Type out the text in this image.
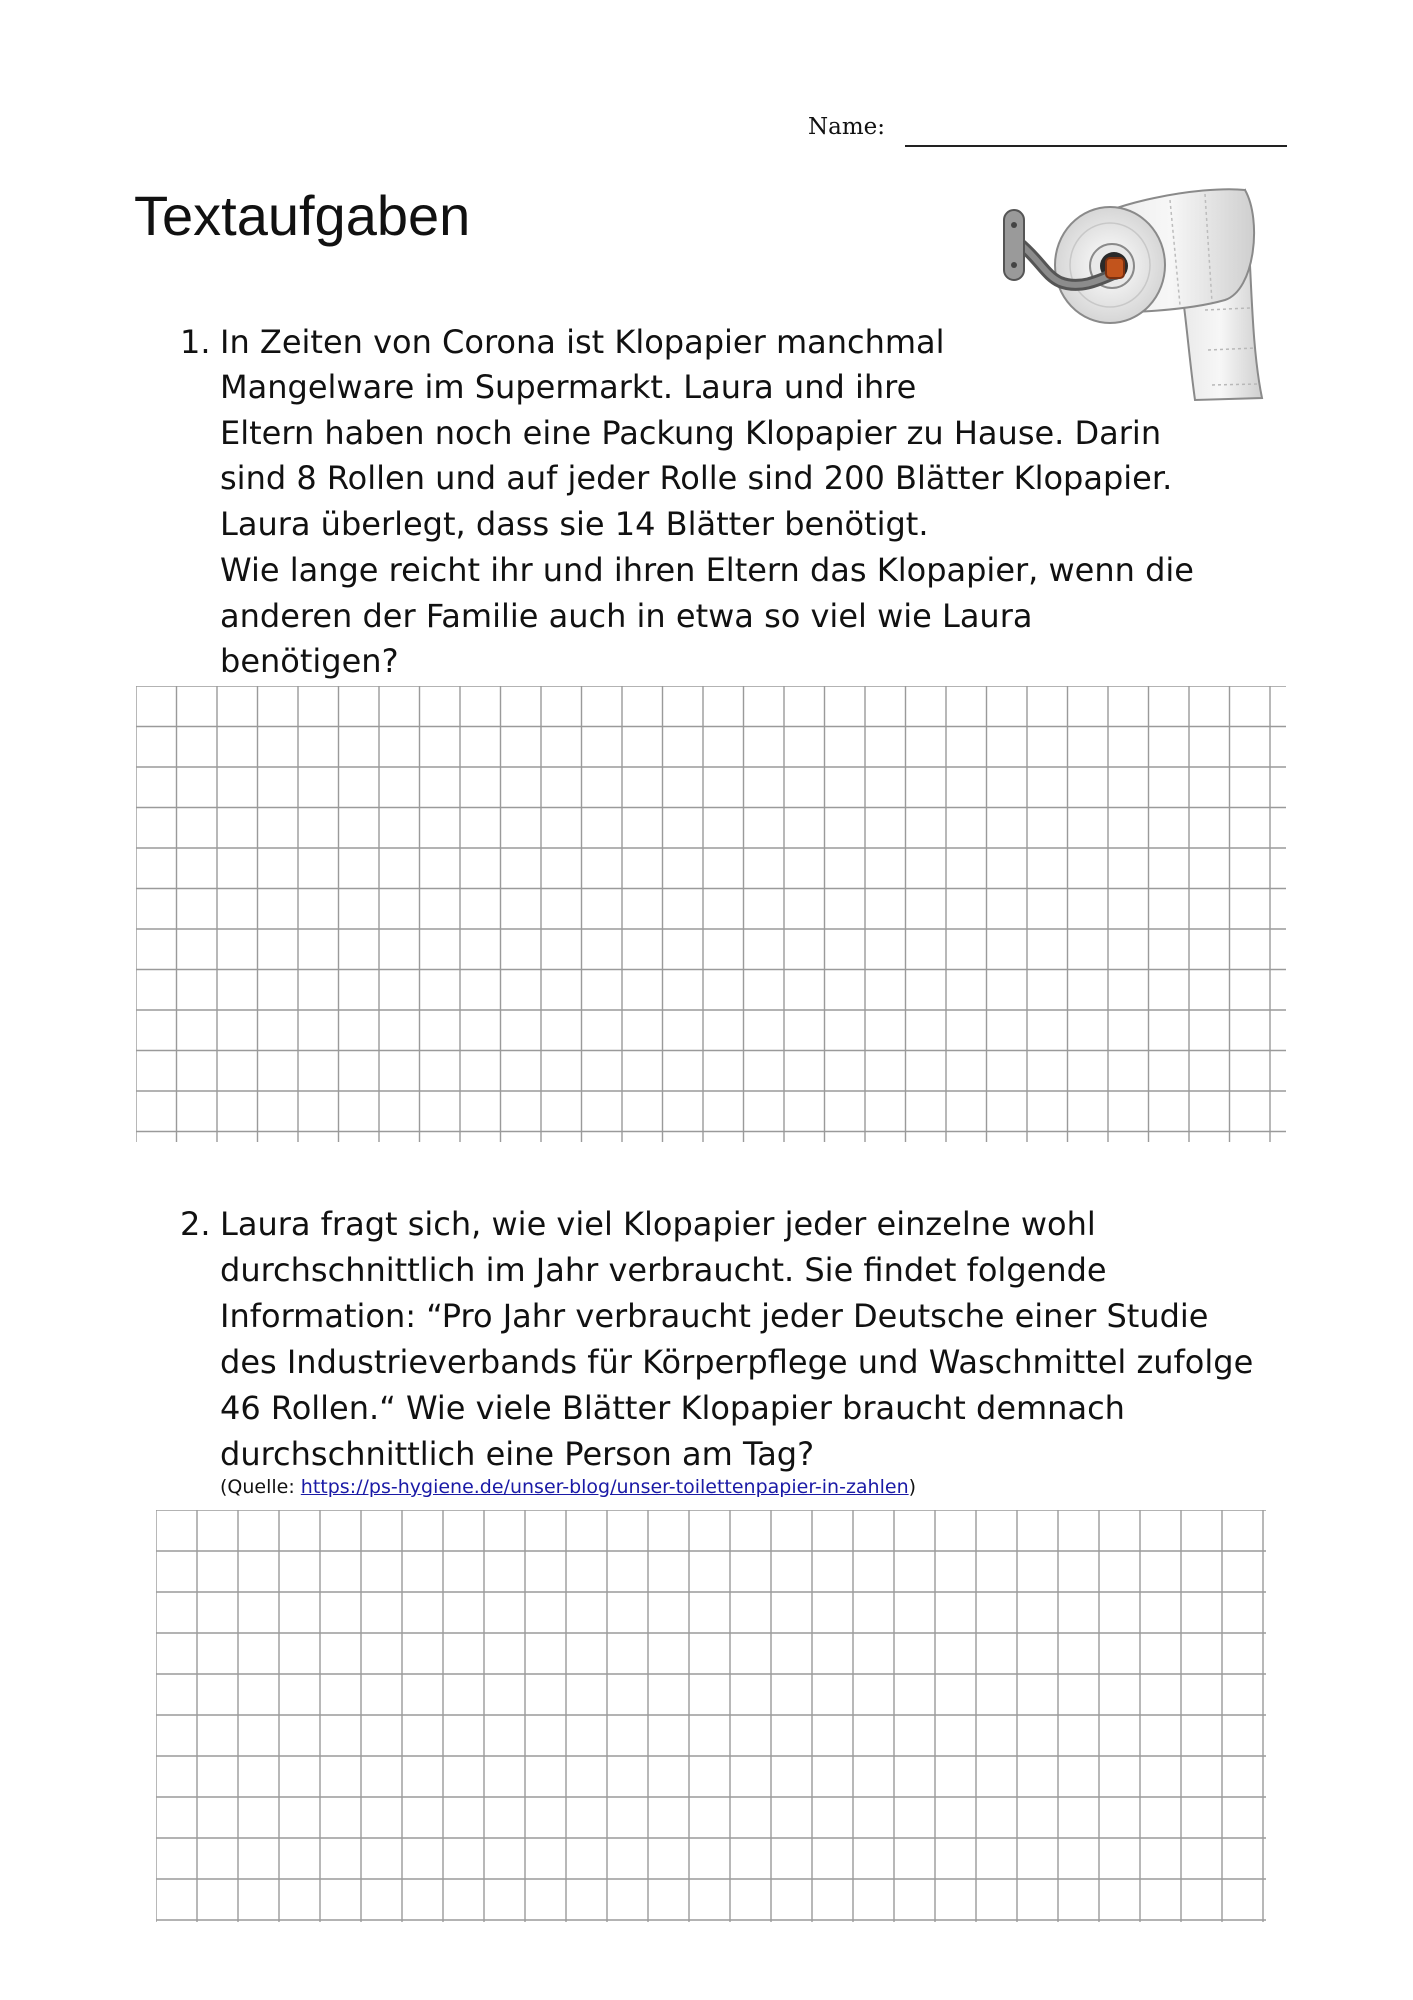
Name:
Textaufgaben
1. In Zeiten von Corona ist Klopapier manchmal
Mangelware im Supermarkt. Laura und ihre
Eltern haben noch eine Packung Klopapier zu Hause. Darin
sind 8 Rollen und auf jeder Rolle sind 200 Blätter Klopapier.
Laura überlegt, dass sie 14 Blätter benötigt.
Wie lange reicht ihr und ihren Eltern das Klopapier, wenn die
anderen der Familie auch in etwa so viel wie Laura
benötigen?
2. Laura fragt sich, wie viel Klopapier jeder einzelne wohl
durchschnittlich im Jahr verbraucht. Sie findet folgende
Information: “Pro Jahr verbraucht jeder Deutsche einer Studie
des Industrieverbands für Körperpflege und Waschmittel zufolge
46 Rollen.“ Wie viele Blätter Klopapier braucht demnach
durchschnittlich eine Person am Tag?
(Quelle: https://ps-hygiene.de/unser-blog/unser-toilettenpapier-in-zahlen)
